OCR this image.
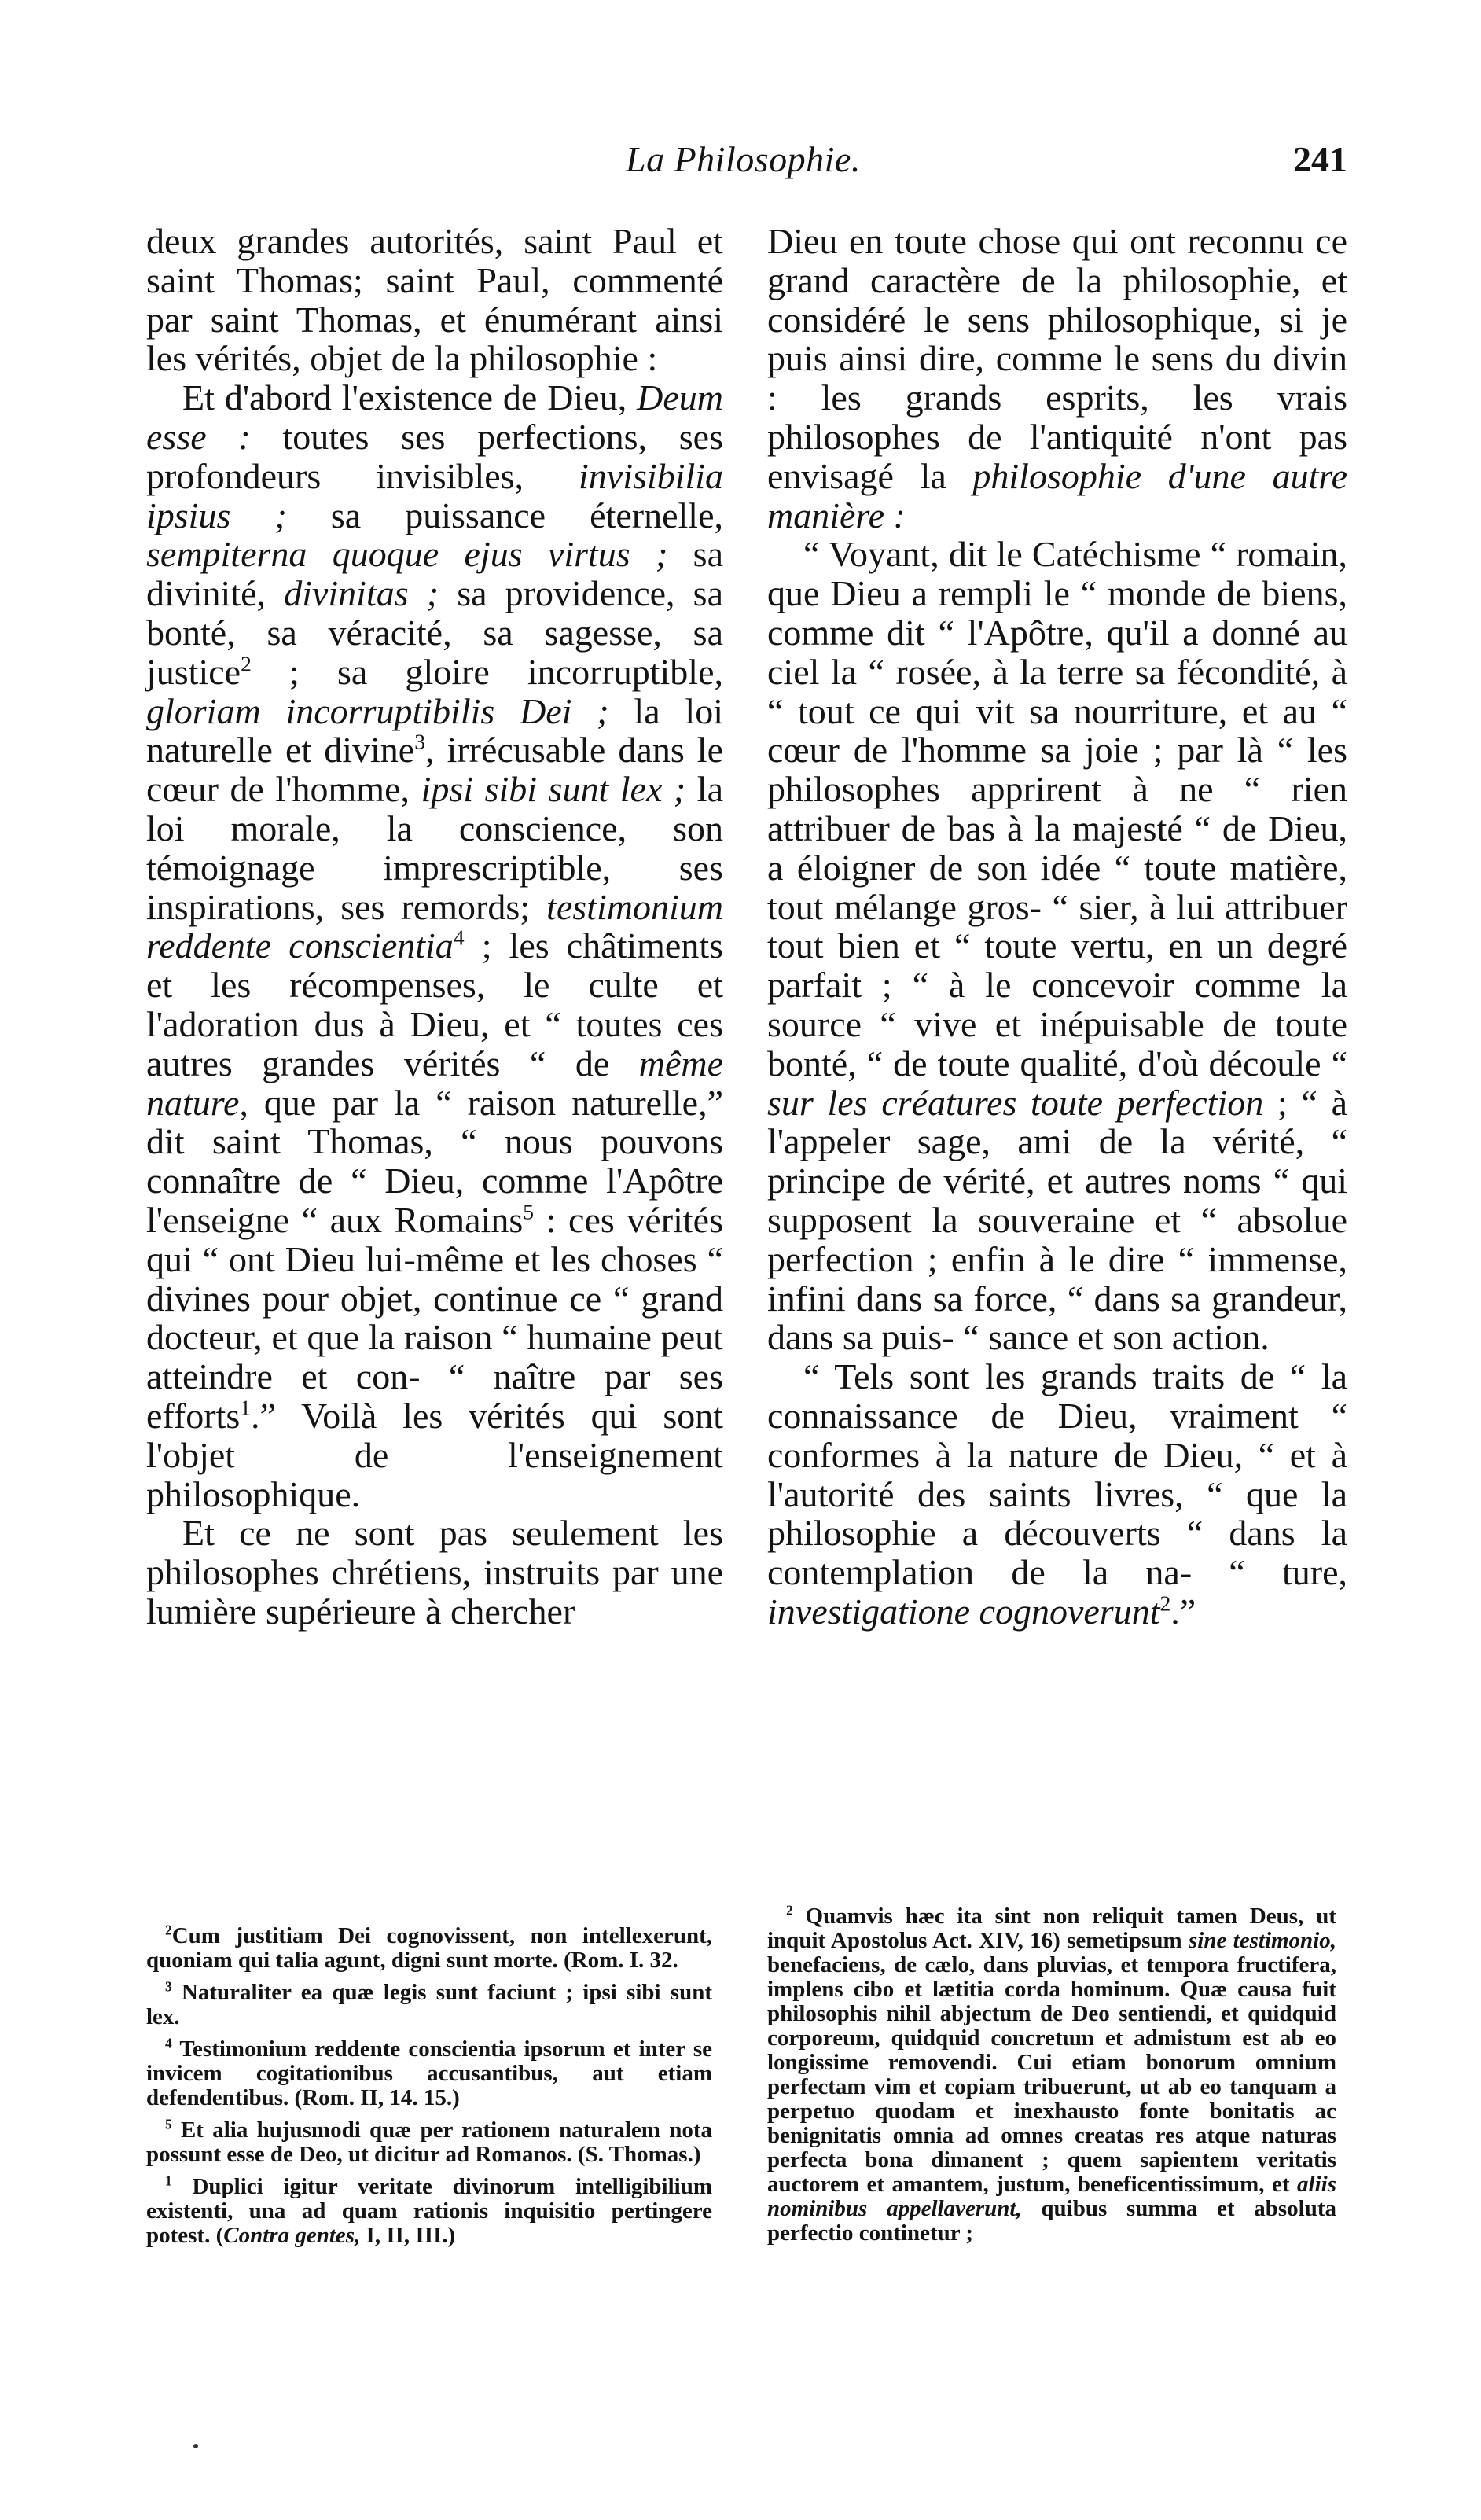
La Philosophie.	241

deux grandes autorités, saint Paul et saint Thomas; saint Paul, commenté par saint Thomas, et énumérant ainsi les vérités, objet de la philosophie :

Et d'abord l'existence de Dieu, Deum esse : toutes ses perfections, ses profondeurs invisibles, invisibilia ipsius ; sa puissance éternelle, sempiterna quoque ejus virtus ; sa divinité, divinitas ; sa providence, sa bonté, sa véracité, sa sagesse, sa justice$^2$ ; sa gloire incorruptible, gloriam incorruptibilis Dei ; la loi naturelle et divine$^3$, irrécusable dans le cœur de l'homme, ipsi sibi sunt lex ; la loi morale, la conscience, son témoignage imprescriptible, ses inspirations, ses remords; testimonium reddente conscientia$^4$ ; les châtiments et les récompenses, le culte et l'adoration dus à Dieu, et “ toutes ces autres grandes vérités “ de même nature, que par la “ raison naturelle,” dit saint Thomas, “ nous pouvons connaître de “ Dieu, comme l'Apôtre l'enseigne “ aux Romains$^5$ : ces vérités qui “ ont Dieu lui-même et les choses “ divines pour objet, continue ce “ grand docteur, et que la raison “ humaine peut atteindre et con- “ naître par ses efforts$^1$.” Voilà les vérités qui sont l'objet de l'enseignement philosophique.

Et ce ne sont pas seulement les philosophes chrétiens, instruits par une lumière supérieure à chercher

Dieu en toute chose qui ont reconnu ce grand caractère de la philosophie, et considéré le sens philosophique, si je puis ainsi dire, comme le sens du divin : les grands esprits, les vrais philosophes de l'antiquité n'ont pas envisagé la philosophie d'une autre manière :

“ Voyant, dit le Catéchisme “ romain, que Dieu a rempli le “ monde de biens, comme dit “ l'Apôtre, qu'il a donné au ciel la “ rosée, à la terre sa fécondité, à “ tout ce qui vit sa nourriture, et au “ cœur de l'homme sa joie ; par là “ les philosophes apprirent à ne “ rien attribuer de bas à la majesté “ de Dieu, a éloigner de son idée “ toute matière, tout mélange gros- “ sier, à lui attribuer tout bien et “ toute vertu, en un degré parfait ; “ à le concevoir comme la source “ vive et inépuisable de toute bonté, “ de toute qualité, d'où découle “ sur les créatures toute perfection ; “ à l'appeler sage, ami de la vérité, “ principe de vérité, et autres noms “ qui supposent la souveraine et “ absolue perfection ; enfin à le dire “ immense, infini dans sa force, “ dans sa grandeur, dans sa puis- “ sance et son action.

“ Tels sont les grands traits de “ la connaissance de Dieu, vraiment “ conformes à la nature de Dieu, “ et à l'autorité des saints livres, “ que la philosophie a découverts “ dans la contemplation de la na- “ ture, investigatione cognoverunt$^2$.”

$^2$Cum justitiam Dei cognovissent, non intellexerunt, quoniam qui talia agunt, digni sunt morte. (Rom. I. 32.

$^3$ Naturaliter ea quæ legis sunt faciunt ; ipsi sibi sunt lex.

$^4$ Testimonium reddente conscientia ipsorum et inter se invicem cogitationibus accusantibus, aut etiam defendentibus. (Rom. II, 14. 15.)

$^5$ Et alia hujusmodi quæ per rationem naturalem nota possunt esse de Deo, ut dicitur ad Romanos. (S. Thomas.)

$^1$ Duplici igitur veritate divinorum intelligibilium existenti, una ad quam rationis inquisitio pertingere potest. (Contra gentes, I, II, III.)

$^2$ Quamvis hæc ita sint non reliquit tamen Deus, ut inquit Apostolus Act. XIV, 16) semetipsum sine testimonio, benefaciens, de cælo, dans pluvias, et tempora fructifera, implens cibo et lætitia corda hominum. Quæ causa fuit philosophis nihil abjectum de Deo sentiendi, et quidquid corporeum, quidquid concretum et admistum est ab eo longissime removendi. Cui etiam bonorum omnium perfectam vim et copiam tribuerunt, ut ab eo tanquam a perpetuo quodam et inexhausto fonte bonitatis ac benignitatis omnia ad omnes creatas res atque naturas perfecta bona dimanent ; quem sapientem veritatis auctorem et amantem, justum, beneficentissimum, et aliis nominibus appellaverunt, quibus summa et absoluta perfectio continetur ;
